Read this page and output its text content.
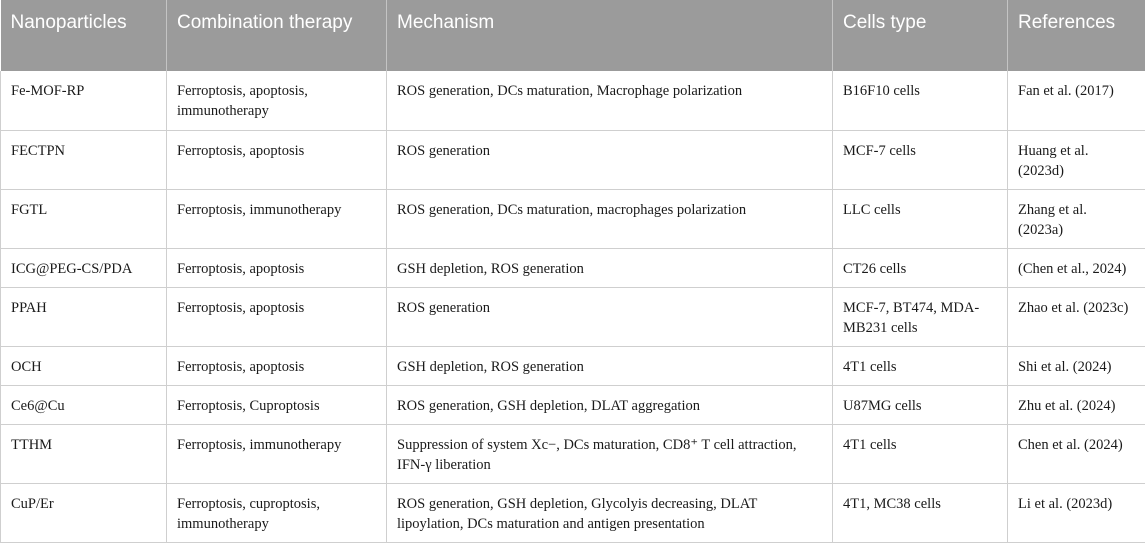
Nanoparticles	Combination therapy	Mechanism	Cells type	References
Fe-MOF-RP	Ferroptosis, apoptosis, immunotherapy	ROS generation, DCs maturation, Macrophage polarization	B16F10 cells	Fan et al. (2017)
FECTPN	Ferroptosis, apoptosis	ROS generation	MCF-7 cells	Huang et al. (2023d)
FGTL	Ferroptosis, immunotherapy	ROS generation, DCs maturation, macrophages polarization	LLC cells	Zhang et al. (2023a)
ICG@PEG-CS/PDA	Ferroptosis, apoptosis	GSH depletion, ROS generation	CT26 cells	(Chen et al., 2024)
PPAH	Ferroptosis, apoptosis	ROS generation	MCF-7, BT474, MDA-MB231 cells	Zhao et al. (2023c)
OCH	Ferroptosis, apoptosis	GSH depletion, ROS generation	4T1 cells	Shi et al. (2024)
Ce6@Cu	Ferroptosis, Cuproptosis	ROS generation, GSH depletion, DLAT aggregation	U87MG cells	Zhu et al. (2024)
TTHM	Ferroptosis, immunotherapy	Suppression of system Xc−, DCs maturation, CD8⁺ T cell attraction, IFN-γ liberation	4T1 cells	Chen et al. (2024)
CuP/Er	Ferroptosis, cuproptosis, immunotherapy	ROS generation, GSH depletion, Glycolyis decreasing, DLAT lipoylation, DCs maturation and antigen presentation	4T1, MC38 cells	Li et al. (2023d)
